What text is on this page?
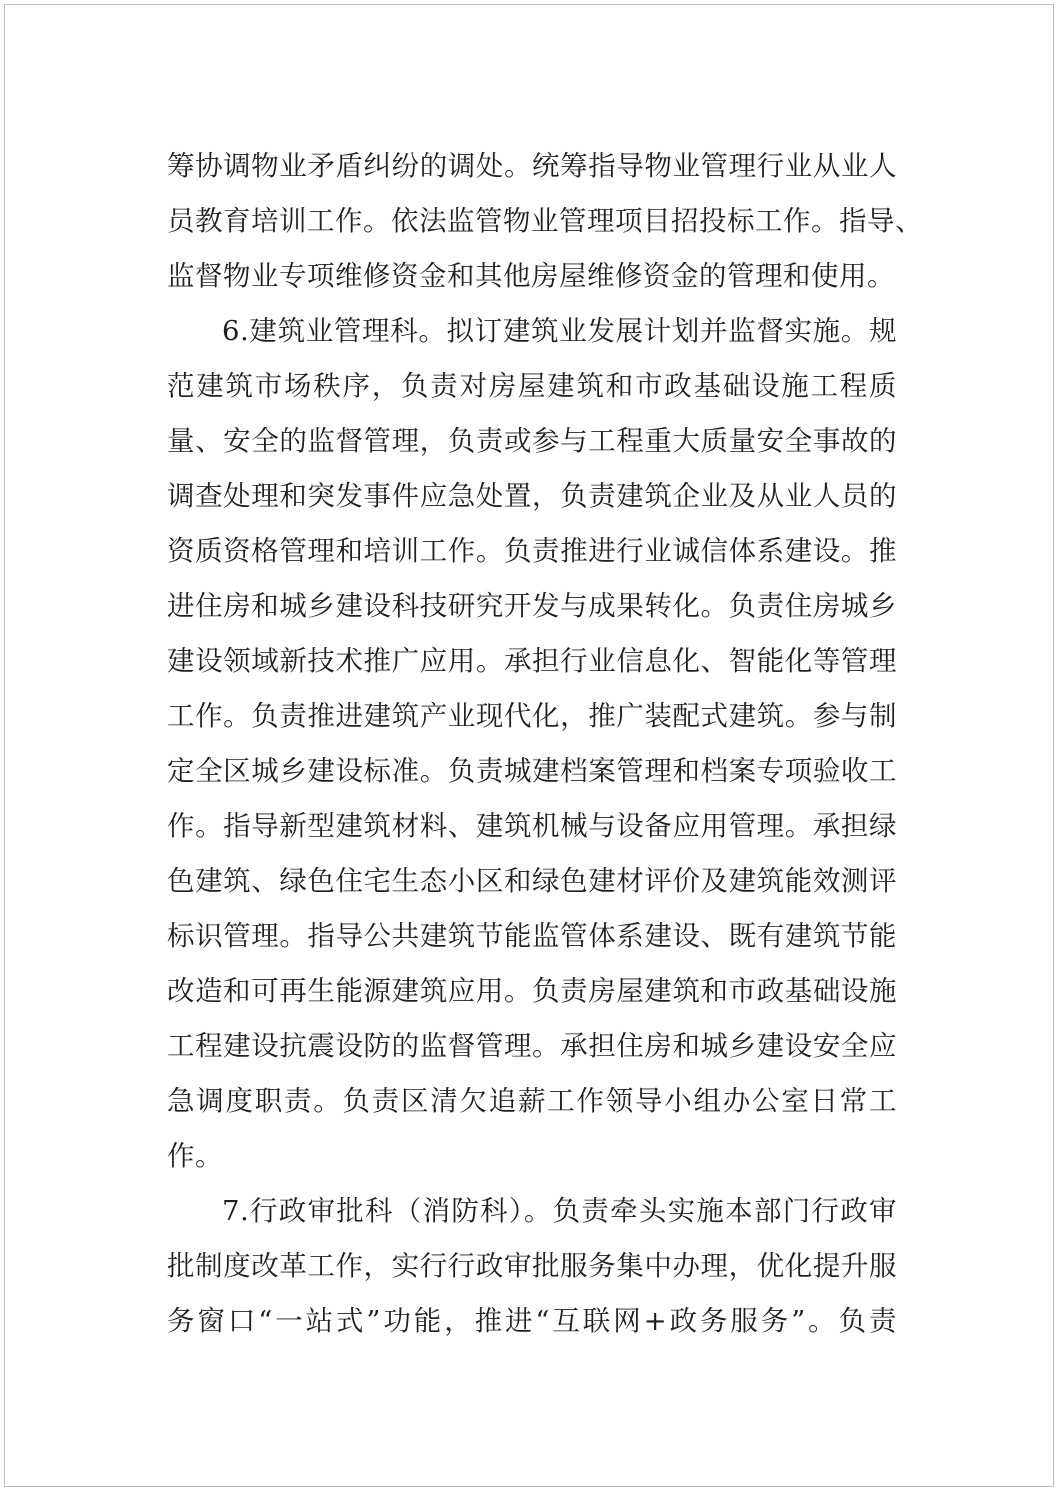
筹协调物业矛盾纠纷的调处。统筹指导物业管理行业从业人
员教育培训工作。依法监管物业管理项目招投标工作。指导、
监督物业专项维修资金和其他房屋维修资金的管理和使用。
6.建筑业管理科。拟订建筑业发展计划并监督实施。规
范建筑市场秩序，负责对房屋建筑和市政基础设施工程质
量、安全的监督管理，负责或参与工程重大质量安全事故的
调查处理和突发事件应急处置，负责建筑企业及从业人员的
资质资格管理和培训工作。负责推进行业诚信体系建设。推
进住房和城乡建设科技研究开发与成果转化。负责住房城乡
建设领域新技术推广应用。承担行业信息化、智能化等管理
工作。负责推进建筑产业现代化，推广装配式建筑。参与制
定全区城乡建设标准。负责城建档案管理和档案专项验收工
作。指导新型建筑材料、建筑机械与设备应用管理。承担绿
色建筑、绿色住宅生态小区和绿色建材评价及建筑能效测评
标识管理。指导公共建筑节能监管体系建设、既有建筑节能
改造和可再生能源建筑应用。负责房屋建筑和市政基础设施
工程建设抗震设防的监督管理。承担住房和城乡建设安全应
急调度职责。负责区清欠追薪工作领导小组办公室日常工
作。
7.行政审批科（消防科）。负责牵头实施本部门行政审
批制度改革工作，实行行政审批服务集中办理，优化提升服
务窗口“一站式”功能，推进“互联网+政务服务”。负责
